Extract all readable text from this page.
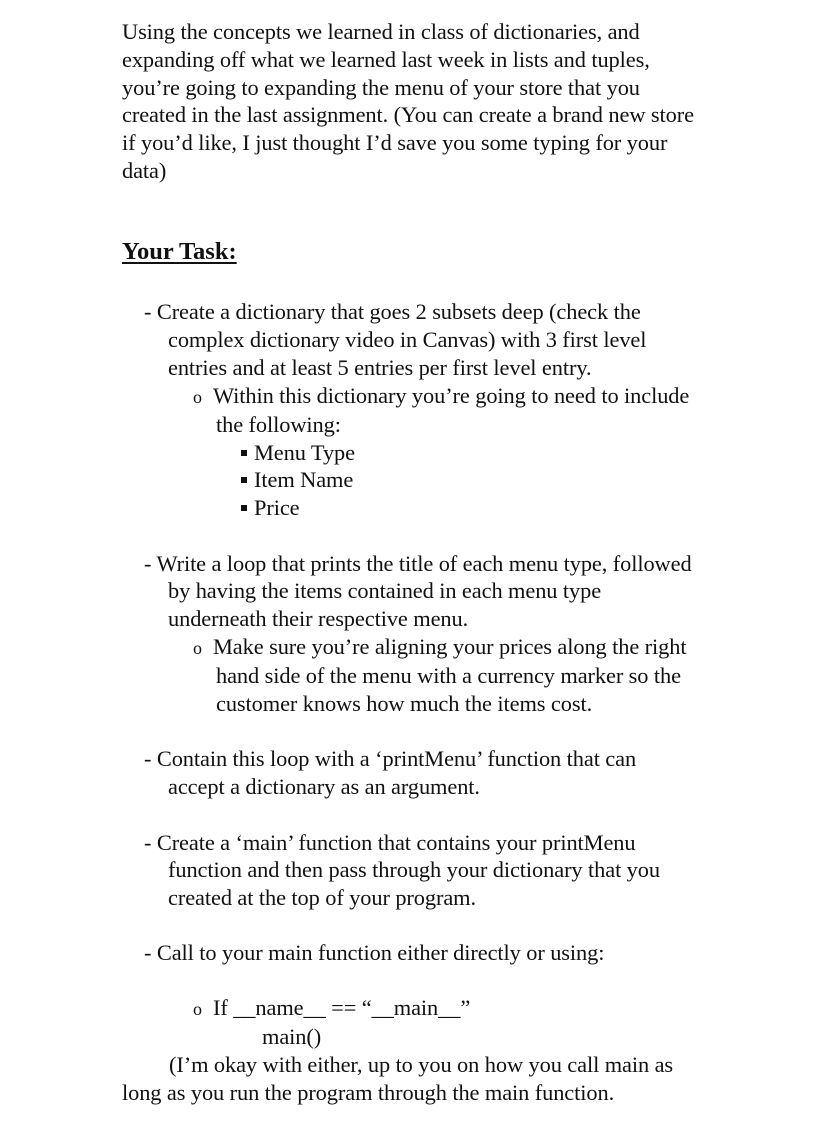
Using the concepts we learned in class of dictionaries, and
expanding off what we learned last week in lists and tuples,
you’re going to expanding the menu of your store that you
created in the last assignment. (You can create a brand new store
if you’d like, I just thought I’d save you some typing for your
data)
Your Task:
- Create a dictionary that goes 2 subsets deep (check the
complex dictionary video in Canvas) with 3 first level
entries and at least 5 entries per first level entry.
o Within this dictionary you’re going to need to include
the following:
Menu Type
Item Name
Price
- Write a loop that prints the title of each menu type, followed
by having the items contained in each menu type
underneath their respective menu.
o Make sure you’re aligning your prices along the right
hand side of the menu with a currency marker so the
customer knows how much the items cost.
- Contain this loop with a ‘printMenu’ function that can
accept a dictionary as an argument.
- Create a ‘main’ function that contains your printMenu
function and then pass through your dictionary that you
created at the top of your program.
- Call to your main function either directly or using:
o If __name__ == “__main__”
main()
(I’m okay with either, up to you on how you call main as
long as you run the program through the main function.
